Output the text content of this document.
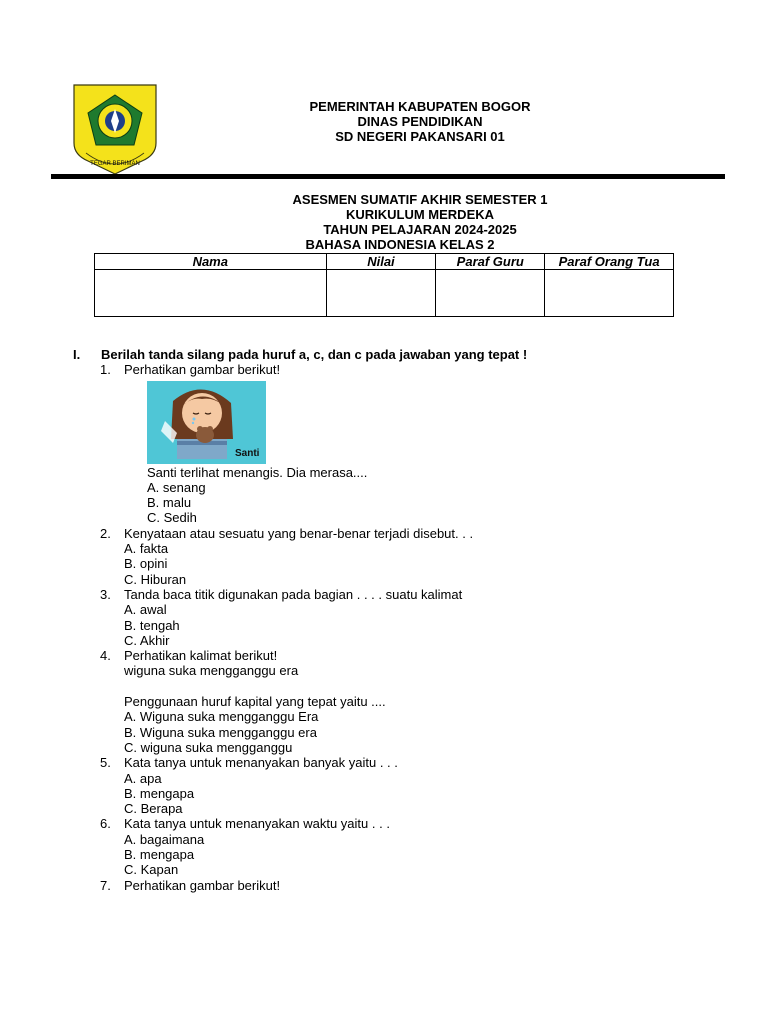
TEGAR BERIMAN
PEMERINTAH KABUPATEN BOGOR
DINAS PENDIDIKAN
SD NEGERI PAKANSARI 01
ASESMEN SUMATIF AKHIR SEMESTER 1
KURIKULUM MERDEKA
TAHUN PELAJARAN 2024-2025
BAHASA INDONESIA KELAS 2
Nama	Nilai	Paraf Guru	Paraf Orang Tua

I. Berilah tanda silang pada huruf a, c, dan c pada jawaban yang tepat !
1. Perhatikan gambar berikut!
Santi
Santi terlihat menangis. Dia merasa....
A. senang
B. malu
C. Sedih
2. Kenyataan atau sesuatu yang benar-benar terjadi disebut. . .
A. fakta
B. opini
C. Hiburan
3. Tanda baca titik digunakan pada bagian . . . . suatu kalimat
A. awal
B. tengah
C. Akhir
4. Perhatikan kalimat berikut!
wiguna suka mengganggu era
Penggunaan huruf kapital yang tepat yaitu ....
A. Wiguna suka mengganggu Era
B. Wiguna suka mengganggu era
C. wiguna suka mengganggu
5. Kata tanya untuk menanyakan banyak yaitu . . .
A. apa
B. mengapa
C. Berapa
6. Kata tanya untuk menanyakan waktu yaitu . . .
A. bagaimana
B. mengapa
C. Kapan
7. Perhatikan gambar berikut!
